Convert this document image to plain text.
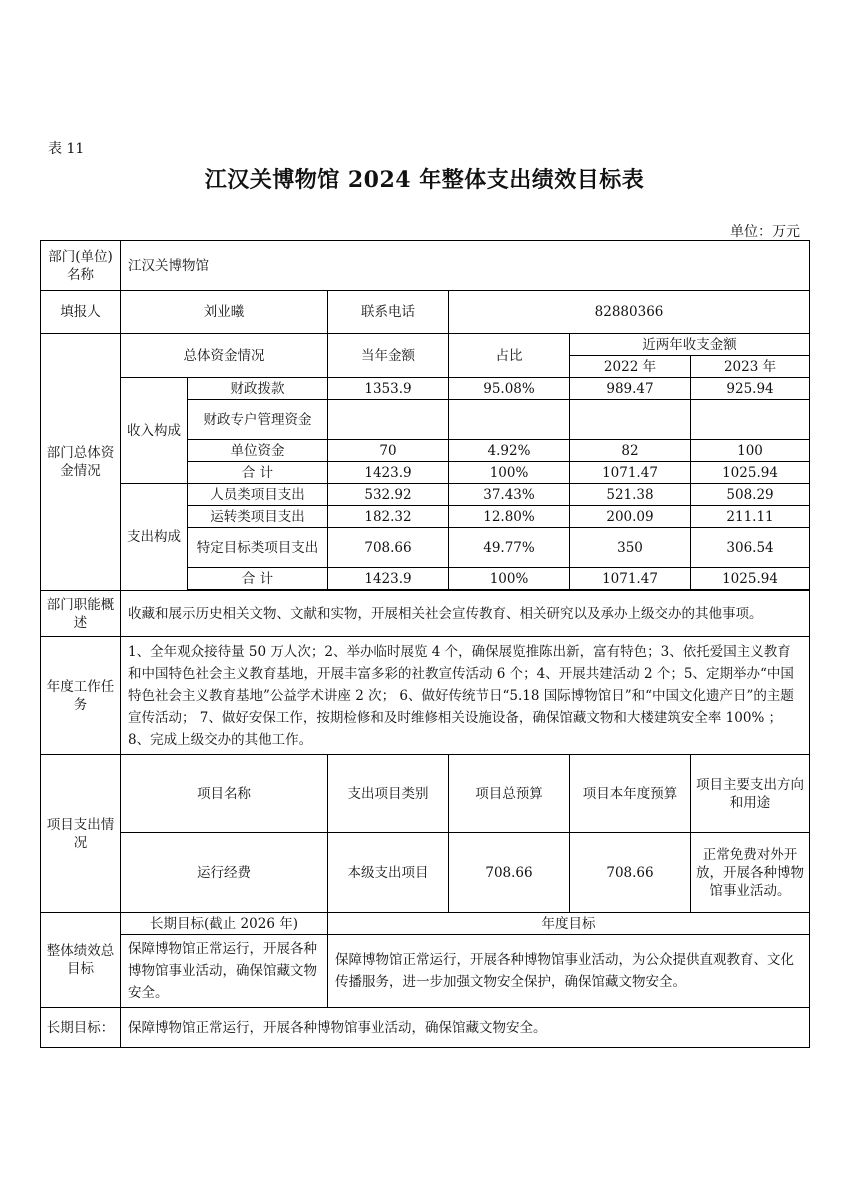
表 11
江汉关博物馆 2024 年整体支出绩效目标表
单位：万元
部门(单位)名称	江汉关博物馆					
填报人	刘业曦		联系电话	82880366		
部门总体资金情况	总体资金情况		当年金额	占比	近两年收支金额	
					2022 年	2023 年
	收入构成	财政拨款	1353.9	95.08%	989.47	925.94
		财政专户管理资金				
		单位资金	70	4.92%	82	100
		合 计	1423.9	100%	1071.47	1025.94
	支出构成	人员类项目支出	532.92	37.43%	521.38	508.29
		运转类项目支出	182.32	12.80%	200.09	211.11
		特定目标类项目支出	708.66	49.77%	350	306.54
		合 计	1423.9	100%	1071.47	1025.94

部门职能概述	收藏和展示历史相关文物、文献和实物，开展相关社会宣传教育、相关研究以及承办上级交办的其他事项。					
年度工作任务	1、全年观众接待量 50 万人次；2、举办临时展览 4 个，确保展览推陈出新，富有特色；3、依托爱国主义教育和中国特色社会主义教育基地，开展丰富多彩的社教宣传活动 6 个；4、开展共建活动 2 个；5、定期举办“中国特色社会主义教育基地”公益学术讲座 2 次； 6、做好传统节日“5.18 国际博物馆日”和“中国文化遗产日”的主题宣传活动； 7、做好安保工作，按期检修和及时维修相关设施设备，确保馆藏文物和大楼建筑安全率 100% ； 8、完成上级交办的其他工作。					
项目支出情况	项目名称		支出项目类别	项目总预算	项目本年度预算	项目主要支出方向和用途
	运行经费		本级支出项目	708.66	708.66	正常免费对外开放，开展各种博物馆事业活动。
整体绩效总目标	长期目标(截止 2026 年)		年度目标			
	保障博物馆正常运行，开展各种博物馆事业活动，确保馆藏文物安全。		保障博物馆正常运行，开展各种博物馆事业活动，为公众提供直观教育、文化传播服务，进一步加强文物安全保护，确保馆藏文物安全。			
长期目标：	保障博物馆正常运行，开展各种博物馆事业活动，确保馆藏文物安全。					
